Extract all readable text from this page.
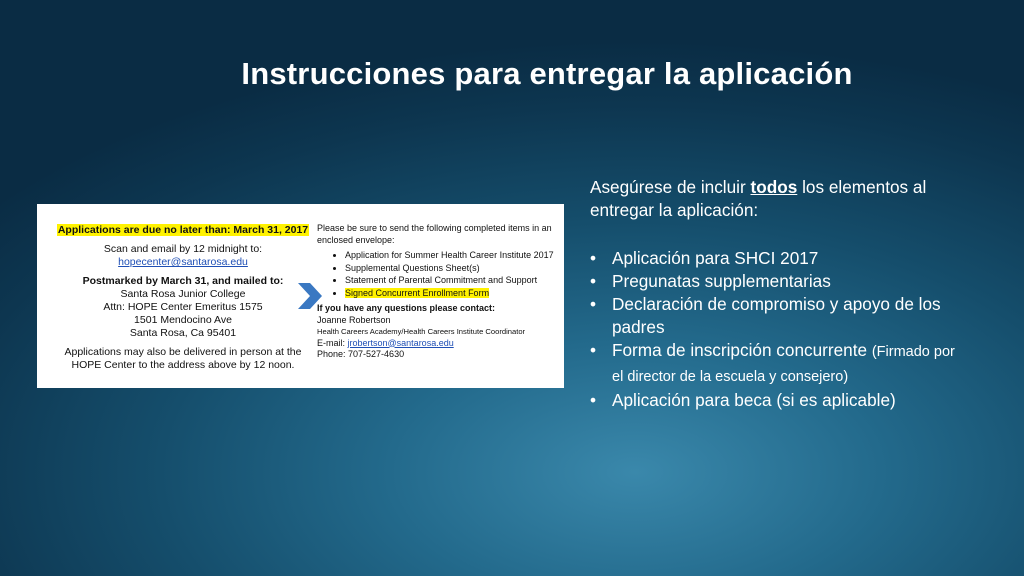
Instrucciones para entregar la aplicación
Applications are due no later than: March 31, 2017
Scan and email by 12 midnight to:
hopecenter@santarosa.edu
Postmarked by March 31, and mailed to:
Santa Rosa Junior College
Attn: HOPE Center Emeritus 1575
1501 Mendocino Ave
Santa Rosa, Ca 95401
Applications may also be delivered in person at the HOPE Center to the address above by 12 noon.
Please be sure to send the following completed items in an enclosed envelope:
• Application for Summer Health Career Institute 2017
• Supplemental Questions Sheet(s)
• Statement of Parental Commitment and Support
• Signed Concurrent Enrollment Form
If you have any questions please contact:
Joanne Robertson
Health Careers Academy/Health Careers Institute Coordinator
E-mail: jrobertson@santarosa.edu
Phone: 707-527-4630

Asegúrese de incluir todos los elementos al entregar la aplicación:

• Aplicación para SHCI 2017
• Pregunatas supplementarias
• Declaración de compromiso y apoyo de los padres
• Forma de inscripción concurrente (Firmado por el director de la escuela y consejero)
• Aplicación para beca (si es aplicable)
